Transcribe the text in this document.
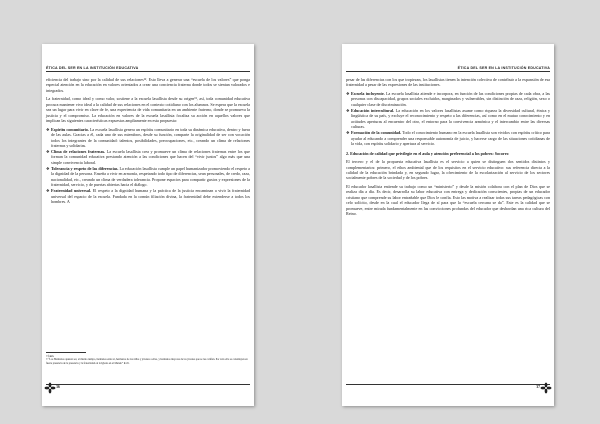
ÉTICA DEL SER EN LA INSTITUCIÓN EDUCATIVA

eficiencia del trabajo sino por la calidad de sus relaciones¹². Esto lleva a generar una “escuela de los valores” que ponga especial atención en la educación en valores orientados a crear una conciencia fraterna donde todos se sientan valorados e integrados.

La fraternidad, como ideal y como valor, sostiene a la escuela lasallista desde su origen¹³, así, toda comunidad educativa procura mantener vivo ideal a la calidad de sus relaciones en el contexto cotidiano con los alumnos. Se espera que la escuela sea un lugar para vivir en clave de fe, una experiencia de vida comunitaria en un ambiente fraterno, donde se promueva la justicia y el compromiso. La educación en valores de la escuela lasallista focaliza su acción en aquellos valores que implican las siguientes características expuestas ampliamente en esta propuesta:

❖ Espíritu comunitario. La escuela lasallista genera un espíritu comunitario en toda su dinámica educativa, dentro y fuera de las aulas. Gracias a él, cada uno de sus miembros, desde su función, comparte la originalidad de ser con vocación todos los integrantes de la comunidad: talentos, posibilidades, preocupaciones, etc., creando un clima de relaciones fraternas y solidarias.
❖ Clima de relaciones fraternas. La escuela lasallista crea y promueve un clima de relaciones fraternas entre los que forman la comunidad educativa prestando atención a las condiciones que hacen del “vivir juntos” algo más que una simple convivencia laboral.
❖ Tolerancia y respeto de las diferencias. La educación lasallista cumple un papel humanizador promoviendo el respeto a la dignidad de la persona. Enseña a vivir en armonía, respetando todo tipo de diferencias, sean personales, de credo, raza, nacionalidad, etc., creando un clima de verdadera tolerancia. Propone espacios para compartir gustos y expresiones de la fraternidad, servicio, y de puertas abiertas hacia el diálogo.
❖ Fraternidad universal. El respeto a la dignidad humana y la práctica de la justicia encaminan a vivir la fraternidad universal del espacio de la escuela. Fundada en la común filiación divina, la fraternidad debe extenderse a todos los hombres. A
¹² Ídem.
¹³ “Los Hermanos quieren ser, al mismo tiempo, hermanos entre sí, hermanos de los niños y jóvenes a ellos, y hermanos mayores de los jóvenes que se les confían. Por todo ello se constituyen en fuerte presencia de la presencia y la fraternidad en la Iglesia en el Mundo” R.45.
36
ÉTICA DEL SER EN LA INSTITUCIÓN EDUCATIVA

pesar de las diferencias con los que tropiezan, los lasallistas tienen la intención colectiva de contribuir a la expansión de esa fraternidad a pesar de las expresiones de las instituciones.

❖ Escuela incluyente. La escuela lasallista atiende e incorpora, en función de las condiciones propias de cada obra, a las personas con discapacidad, grupos sociales excluidos, marginados y vulnerables, sin distinción de raza, religión, sexo o cualquier clase de discriminación.
❖ Educación intercultural. La educación en los valores lasallistas asume como riqueza la diversidad cultural, étnica y lingüística de su país, y excluye el reconocimiento y respeto a las diferencias, así como en el mutuo conocimiento y en actitudes aperturas al encuentro del otro, el entorno para la convivencia armónica y el intercambio entre las diversas culturas.
❖ Formación de la comunidad. Todo el conocimiento humano en la escuela lasallista son vividos con espíritu crítico para ayudar al educando a comprender una responsable autonomía de juicio, y hacerse cargo de las situaciones cotidianas de la vida, con espíritu solidario y apertura al servicio.
2. Educación de calidad que privilegie en el aula y atención preferencial a los pobres: Socorro

El tercero y el de la propuesta educativa lasallista es el servicio a quien se distinguen dos sentidos distintos y complementarios: primero, el ethos ambiental que de los requisitos en el servicio educativo: sus referencia directa a la calidad de la educación brindada y, en segundo lugar, la ofrecimiento de la escolarización al servicio de los sectores socialmente pobres de la sociedad y de los pobres.

El educador lasallista entiende su trabajo como un “ministerio” y desde la misión colabora con el plan de Dios que se realiza día a día. Es decir, desarrolla su labor educativa con entrega y dedicación conscientes, propias de un educador cristiano que comprende su labor entrañable que Dios le confía. Esto las motiva a realizar todas sus tareas pedagógicas con celo solícito, desde en la cual el educador llega de sí para que la “escuela cercana se da”. Este es la calidad que se promueve, entre mirada fundamentalmente en las convicciones profundas del educador que desbordan una rica cultura del Reino.

37
